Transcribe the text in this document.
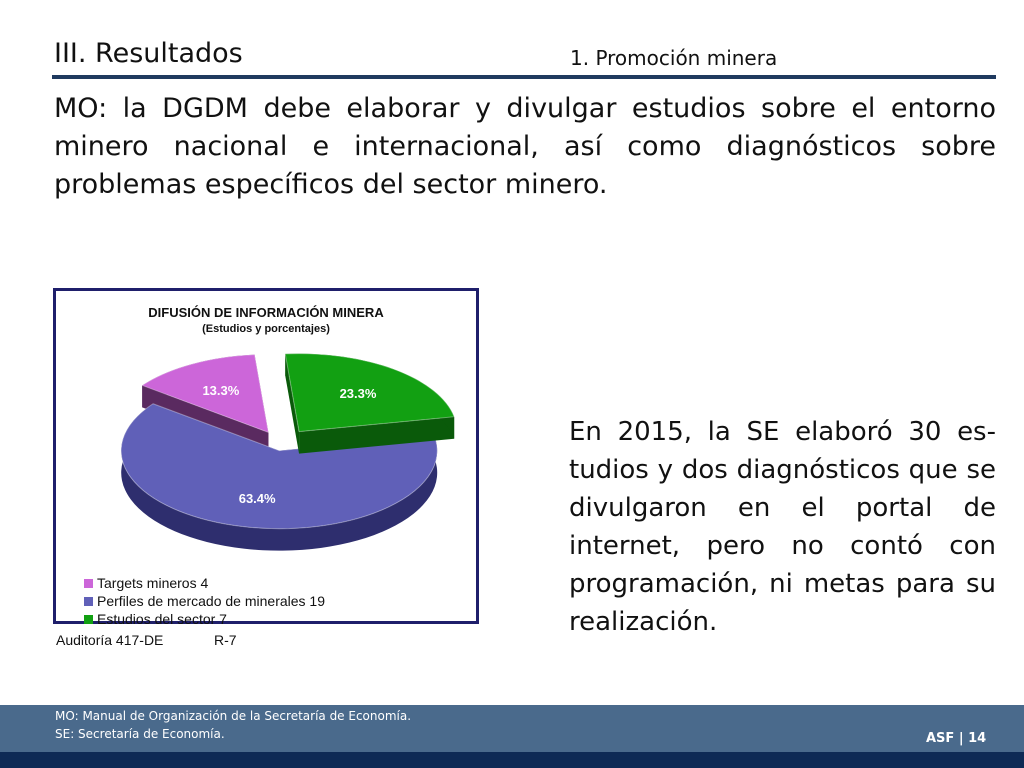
III. Resultados	1. Promoción minera

MO: la DGDM debe elaborar y divulgar estudios sobre el entorno minero nacional e internacional, así como diagnósticos sobre problemas específicos del sector minero.

13.3%
63.4%
23.3%
DIFUSIÓN DE INFORMACIÓN MINERA
(Estudios y porcentajes)
Targets mineros 4
Perfiles de mercado de minerales 19
Estudios del sector 7
Auditoría 417-DE	R-7

En 2015, la SE elaboró 30 es-tudios y dos diagnósticos que se divulgaron en el portal de internet, pero no contó con programación, ni metas para su realización.

MO: Manual de Organización de la Secretaría de Economía.
SE: Secretaría de Economía.	ASF | 14
